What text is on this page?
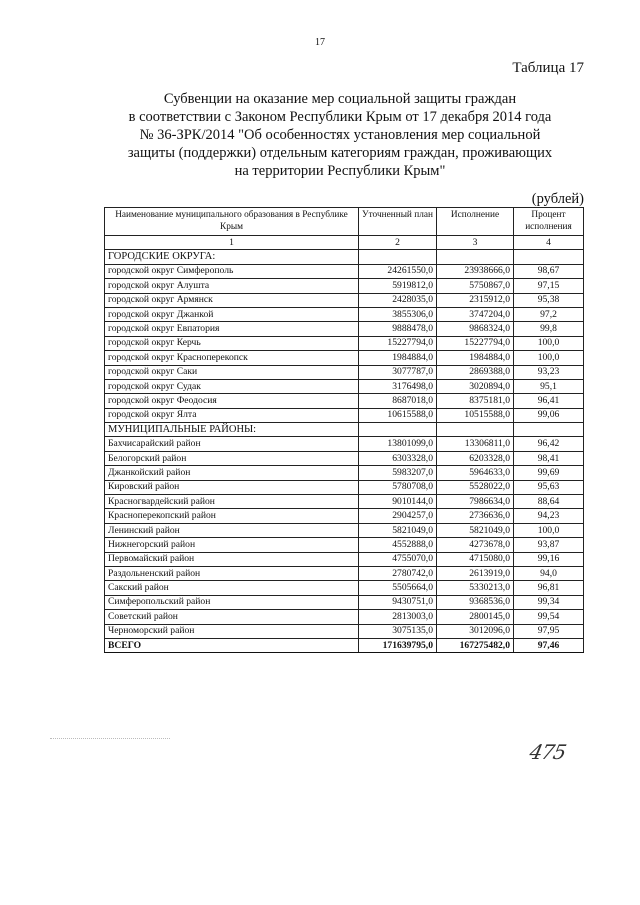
17
Таблица 17
Субвенции на оказание мер социальной защиты граждан
в соответствии с Законом Республики Крым от 17 декабря 2014 года
№ 36-ЗРК/2014 "Об особенностях установления мер социальной
защиты (поддержки) отдельным категориям граждан, проживающих
на территории Республики Крым"
(рублей)
Наименование муниципального образования в Республике Крым	Уточненный план	Исполнение	Процент исполнения
1	2	3	4
ГОРОДСКИЕ ОКРУГА:			
городской округ Симферополь	24261550,0	23938666,0	98,67
городской округ Алушта	5919812,0	5750867,0	97,15
городской округ Армянск	2428035,0	2315912,0	95,38
городской округ Джанкой	3855306,0	3747204,0	97,2
городской округ Евпатория	9888478,0	9868324,0	99,8
городской округ Керчь	15227794,0	15227794,0	100,0
городской округ Красноперекопск	1984884,0	1984884,0	100,0
городской округ Саки	3077787,0	2869388,0	93,23
городской округ Судак	3176498,0	3020894,0	95,1
городской округ Феодосия	8687018,0	8375181,0	96,41
городской округ Ялта	10615588,0	10515588,0	99,06
МУНИЦИПАЛЬНЫЕ РАЙОНЫ:			
Бахчисарайский район	13801099,0	13306811,0	96,42
Белогорский район	6303328,0	6203328,0	98,41
Джанкойский район	5983207,0	5964633,0	99,69
Кировский район	5780708,0	5528022,0	95,63
Красногвардейский район	9010144,0	7986634,0	88,64
Красноперекопский район	2904257,0	2736636,0	94,23
Ленинский район	5821049,0	5821049,0	100,0
Нижнегорский район	4552888,0	4273678,0	93,87
Первомайский район	4755070,0	4715080,0	99,16
Раздольненский район	2780742,0	2613919,0	94,0
Сакский район	5505664,0	5330213,0	96,81
Симферопольский район	9430751,0	9368536,0	99,34
Советский район	2813003,0	2800145,0	99,54
Черноморский район	3075135,0	3012096,0	97,95
ВСЕГО	171639795,0	167275482,0	97,46
475
